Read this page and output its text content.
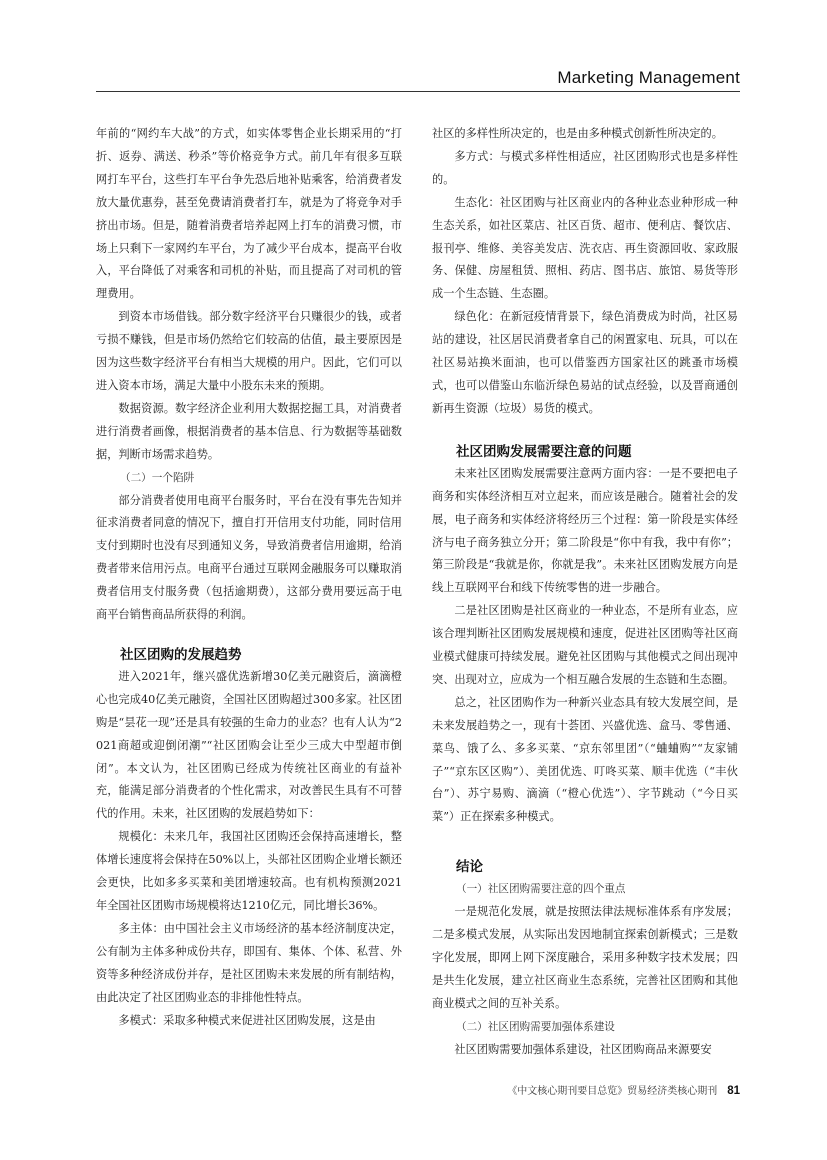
Marketing Management

年前的“网约车大战”的方式，如实体零售企业长期采用的“打折、返券、满送、秒杀”等价格竞争方式。前几年有很多互联网打车平台，这些打车平台争先恐后地补贴乘客，给消费者发放大量优惠券，甚至免费请消费者打车，就是为了将竞争对手挤出市场。但是，随着消费者培养起网上打车的消费习惯，市场上只剩下一家网约车平台，为了减少平台成本，提高平台收入，平台降低了对乘客和司机的补贴，而且提高了对司机的管理费用。

到资本市场借钱。部分数字经济平台只赚很少的钱，或者亏损不赚钱，但是市场仍然给它们较高的估值，最主要原因是因为这些数字经济平台有相当大规模的用户。因此，它们可以进入资本市场，满足大量中小股东未来的预期。

数据资源。数字经济企业利用大数据挖掘工具，对消费者进行消费者画像，根据消费者的基本信息、行为数据等基础数据，判断市场需求趋势。

（二）一个陷阱

部分消费者使用电商平台服务时，平台在没有事先告知并征求消费者同意的情况下，擅自打开信用支付功能，同时信用支付到期时也没有尽到通知义务，导致消费者信用逾期，给消费者带来信用污点。电商平台通过互联网金融服务可以赚取消费者信用支付服务费（包括逾期费），这部分费用要远高于电商平台销售商品所获得的利润。

社区团购的发展趋势

进入2021年，继兴盛优选新增30亿美元融资后，滴滴橙心也完成40亿美元融资，全国社区团购超过300多家。社区团购是“昙花一现”还是具有较强的生命力的业态？也有人认为“2021商超或迎倒闭潮”“社区团购会让至少三成大中型超市倒闭”。本文认为，社区团购已经成为传统社区商业的有益补充，能满足部分消费者的个性化需求，对改善民生具有不可替代的作用。未来，社区团购的发展趋势如下：

规模化：未来几年，我国社区团购还会保持高速增长，整体增长速度将会保持在50%以上，头部社区团购企业增长额还会更快，比如多多买菜和美团增速较高。也有机构预测2021年全国社区团购市场规模将达1210亿元，同比增长36%。

多主体：由中国社会主义市场经济的基本经济制度决定，公有制为主体多种成份共存，即国有、集体、个体、私营、外资等多种经济成份并存，是社区团购未来发展的所有制结构，由此决定了社区团购业态的非排他性特点。

多模式：采取多种模式来促进社区团购发展，这是由

社区的多样性所决定的，也是由多种模式创新性所决定的。

多方式：与模式多样性相适应，社区团购形式也是多样性的。

生态化：社区团购与社区商业内的各种业态业种形成一种生态关系，如社区菜店、社区百货、超市、便利店、餐饮店、报刊亭、维修、美容美发店、洗衣店、再生资源回收、家政服务、保健、房屋租赁、照相、药店、图书店、旅馆、易货等形成一个生态链、生态圈。

绿色化：在新冠疫情背景下，绿色消费成为时尚，社区易站的建设，社区居民消费者拿自己的闲置家电、玩具，可以在社区易站换米面油，也可以借鉴西方国家社区的跳蚤市场模式，也可以借鉴山东临沂绿色易站的试点经验，以及晋商通创新再生资源（垃圾）易货的模式。

社区团购发展需要注意的问题

未来社区团购发展需要注意两方面内容：一是不要把电子商务和实体经济相互对立起来，而应该是融合。随着社会的发展，电子商务和实体经济将经历三个过程：第一阶段是实体经济与电子商务独立分开；第二阶段是“你中有我，我中有你”；第三阶段是“我就是你，你就是我”。未来社区团购发展方向是线上互联网平台和线下传统零售的进一步融合。

二是社区团购是社区商业的一种业态，不是所有业态，应该合理判断社区团购发展规模和速度，促进社区团购等社区商业模式健康可持续发展。避免社区团购与其他模式之间出现冲突、出现对立，应成为一个相互融合发展的生态链和生态圈。

总之，社区团购作为一种新兴业态具有较大发展空间，是未来发展趋势之一，现有十荟团、兴盛优选、盒马、零售通、菜鸟、饿了么、多多买菜、“京东邻里团”（“蛐蛐购”“友家铺子”“京东区区购”）、美团优选、叮咚买菜、顺丰优选（“丰伙台”）、苏宁易购、滴滴（“橙心优选”）、字节跳动（“今日买菜”）正在探索多种模式。

结论

（一）社区团购需要注意的四个重点

一是规范化发展，就是按照法律法规标准体系有序发展；二是多模式发展，从实际出发因地制宜探索创新模式；三是数字化发展，即网上网下深度融合，采用多种数字技术发展；四是共生化发展，建立社区商业生态系统，完善社区团购和其他商业模式之间的互补关系。

（二）社区团购需要加强体系建设

社区团购需要加强体系建设，社区团购商品来源要安

《中文核心期刊要目总览》贸易经济类核心期刊 81
